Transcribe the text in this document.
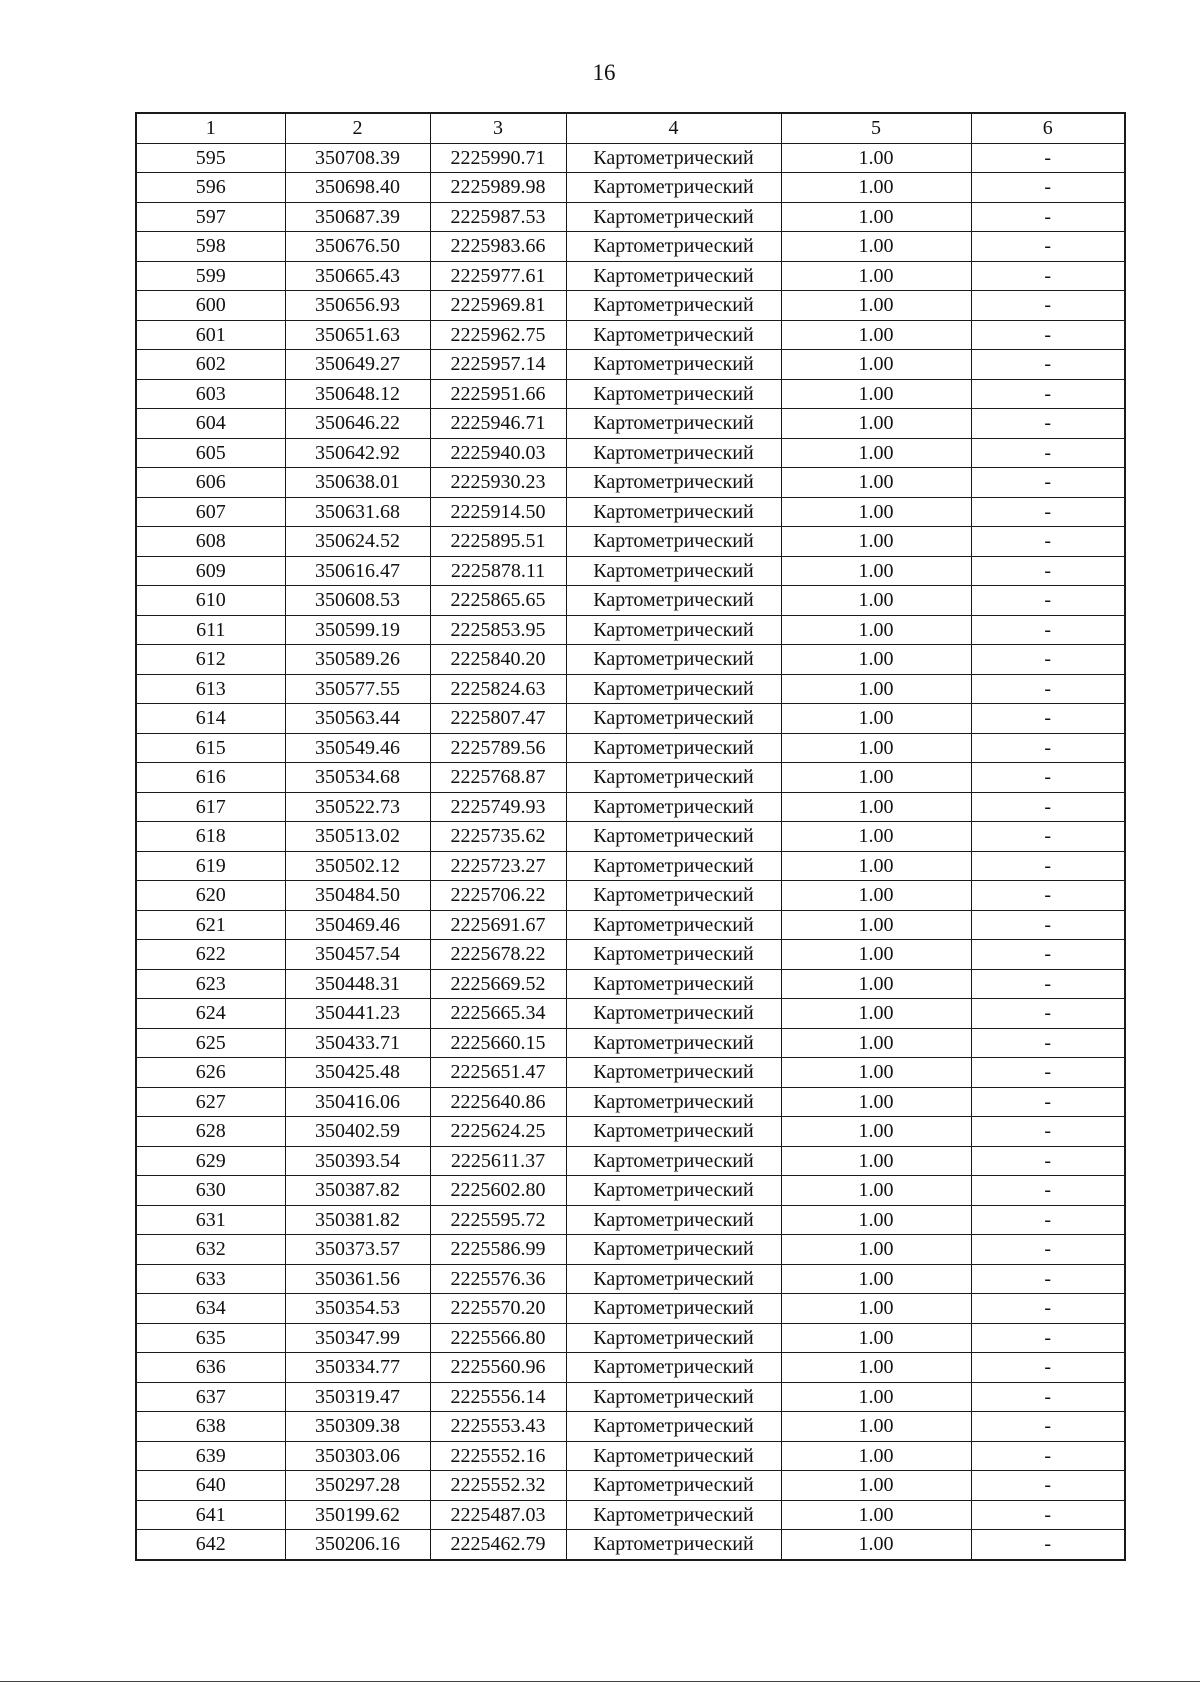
16
1	2	3	4	5	6
595	350708.39	2225990.71	Картометрический	1.00	-
596	350698.40	2225989.98	Картометрический	1.00	-
597	350687.39	2225987.53	Картометрический	1.00	-
598	350676.50	2225983.66	Картометрический	1.00	-
599	350665.43	2225977.61	Картометрический	1.00	-
600	350656.93	2225969.81	Картометрический	1.00	-
601	350651.63	2225962.75	Картометрический	1.00	-
602	350649.27	2225957.14	Картометрический	1.00	-
603	350648.12	2225951.66	Картометрический	1.00	-
604	350646.22	2225946.71	Картометрический	1.00	-
605	350642.92	2225940.03	Картометрический	1.00	-
606	350638.01	2225930.23	Картометрический	1.00	-
607	350631.68	2225914.50	Картометрический	1.00	-
608	350624.52	2225895.51	Картометрический	1.00	-
609	350616.47	2225878.11	Картометрический	1.00	-
610	350608.53	2225865.65	Картометрический	1.00	-
611	350599.19	2225853.95	Картометрический	1.00	-
612	350589.26	2225840.20	Картометрический	1.00	-
613	350577.55	2225824.63	Картометрический	1.00	-
614	350563.44	2225807.47	Картометрический	1.00	-
615	350549.46	2225789.56	Картометрический	1.00	-
616	350534.68	2225768.87	Картометрический	1.00	-
617	350522.73	2225749.93	Картометрический	1.00	-
618	350513.02	2225735.62	Картометрический	1.00	-
619	350502.12	2225723.27	Картометрический	1.00	-
620	350484.50	2225706.22	Картометрический	1.00	-
621	350469.46	2225691.67	Картометрический	1.00	-
622	350457.54	2225678.22	Картометрический	1.00	-
623	350448.31	2225669.52	Картометрический	1.00	-
624	350441.23	2225665.34	Картометрический	1.00	-
625	350433.71	2225660.15	Картометрический	1.00	-
626	350425.48	2225651.47	Картометрический	1.00	-
627	350416.06	2225640.86	Картометрический	1.00	-
628	350402.59	2225624.25	Картометрический	1.00	-
629	350393.54	2225611.37	Картометрический	1.00	-
630	350387.82	2225602.80	Картометрический	1.00	-
631	350381.82	2225595.72	Картометрический	1.00	-
632	350373.57	2225586.99	Картометрический	1.00	-
633	350361.56	2225576.36	Картометрический	1.00	-
634	350354.53	2225570.20	Картометрический	1.00	-
635	350347.99	2225566.80	Картометрический	1.00	-
636	350334.77	2225560.96	Картометрический	1.00	-
637	350319.47	2225556.14	Картометрический	1.00	-
638	350309.38	2225553.43	Картометрический	1.00	-
639	350303.06	2225552.16	Картометрический	1.00	-
640	350297.28	2225552.32	Картометрический	1.00	-
641	350199.62	2225487.03	Картометрический	1.00	-
642	350206.16	2225462.79	Картометрический	1.00	-
